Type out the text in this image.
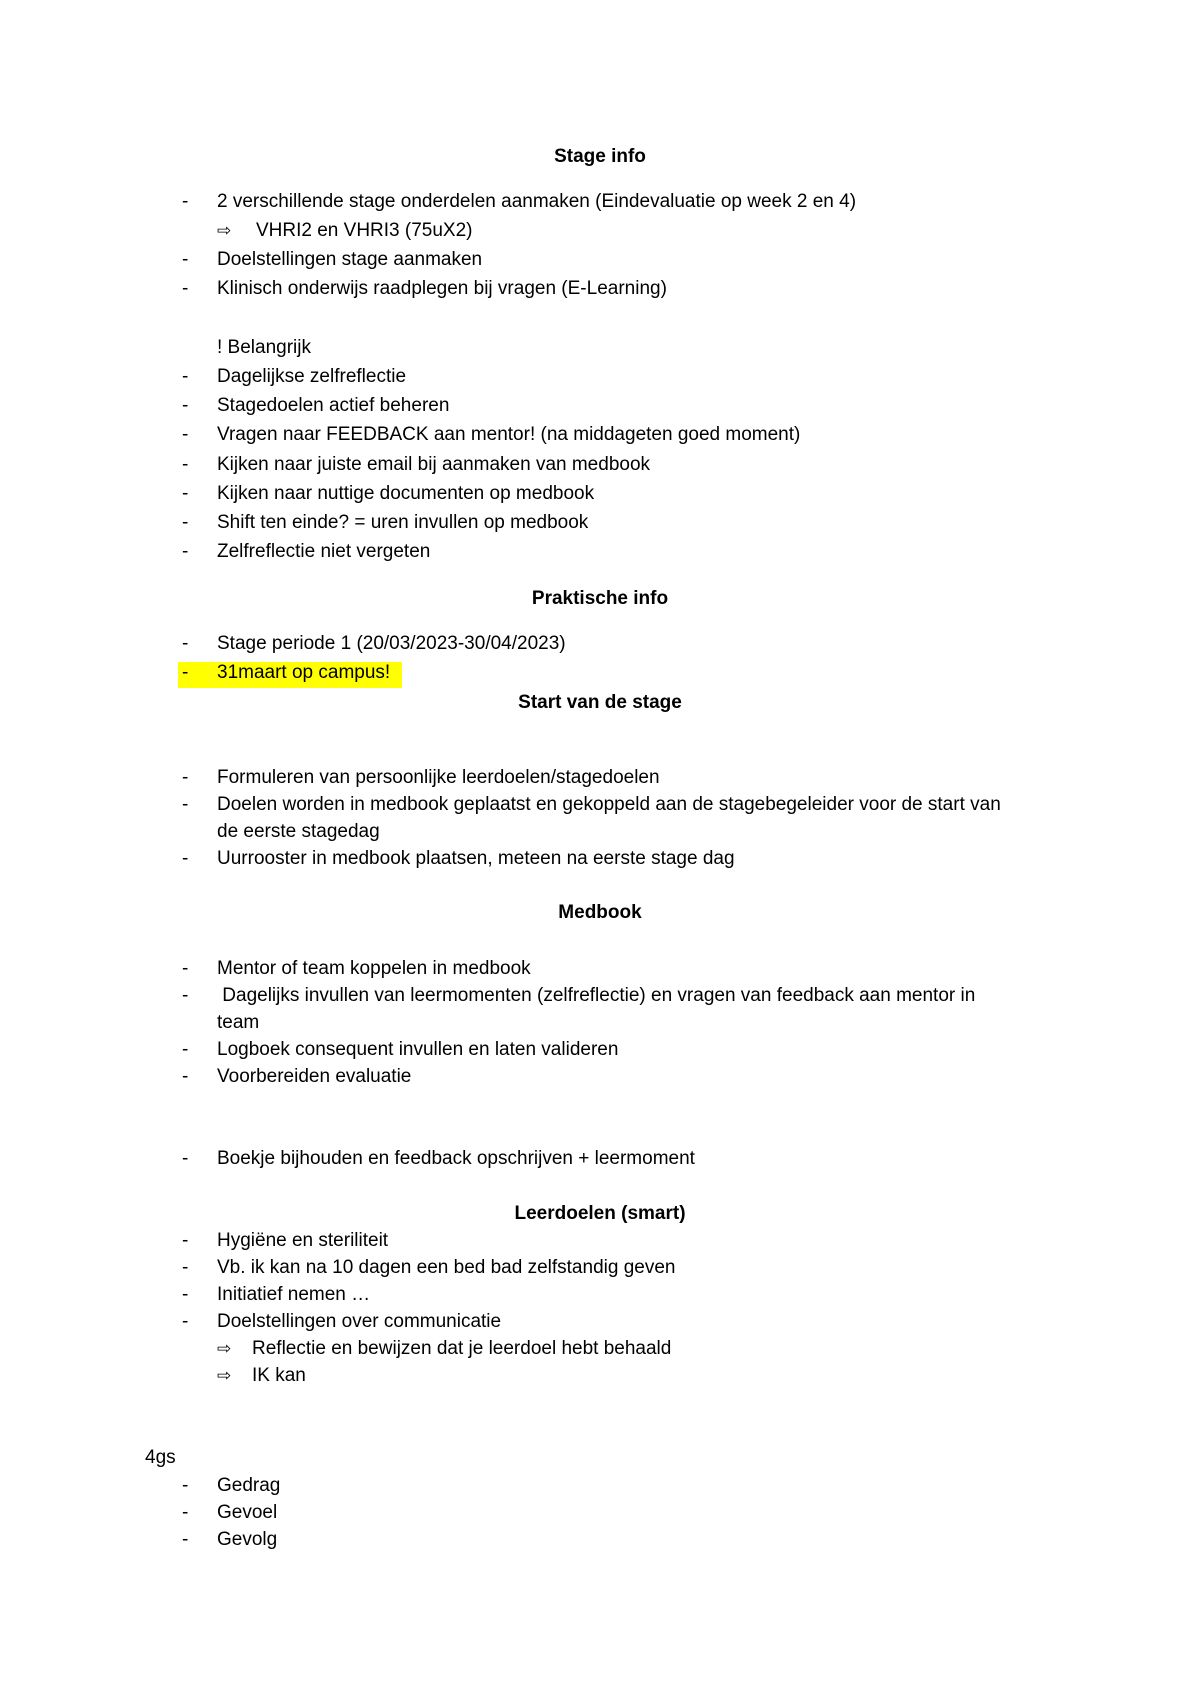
Stage info
- 2 verschillende stage onderdelen aanmaken (Eindevaluatie op week 2 en 4)
⇨ VHRI2 en VHRI3 (75uX2)
- Doelstellingen stage aanmaken
- Klinisch onderwijs raadplegen bij vragen (E-Learning)
! Belangrijk
- Dagelijkse zelfreflectie
- Stagedoelen actief beheren
- Vragen naar FEEDBACK aan mentor! (na middageten goed moment)
- Kijken naar juiste email bij aanmaken van medbook
- Kijken naar nuttige documenten op medbook
- Shift ten einde? = uren invullen op medbook
- Zelfreflectie niet vergeten
Praktische info
- Stage periode 1 (20/03/2023-30/04/2023)
- 31maart op campus!
Start van de stage
- Formuleren van persoonlijke leerdoelen/stagedoelen
- Doelen worden in medbook geplaatst en gekoppeld aan de stagebegeleider voor de start van
de eerste stagedag
- Uurrooster in medbook plaatsen, meteen na eerste stage dag
Medbook
- Mentor of team koppelen in medbook
- Dagelijks invullen van leermomenten (zelfreflectie) en vragen van feedback aan mentor in
team
- Logboek consequent invullen en laten valideren
- Voorbereiden evaluatie
- Boekje bijhouden en feedback opschrijven + leermoment
Leerdoelen (smart)
- Hygiëne en steriliteit
- Vb. ik kan na 10 dagen een bed bad zelfstandig geven
- Initiatief nemen …
- Doelstellingen over communicatie
⇨ Reflectie en bewijzen dat je leerdoel hebt behaald
⇨ IK kan
4gs
- Gedrag
- Gevoel
- Gevolg
